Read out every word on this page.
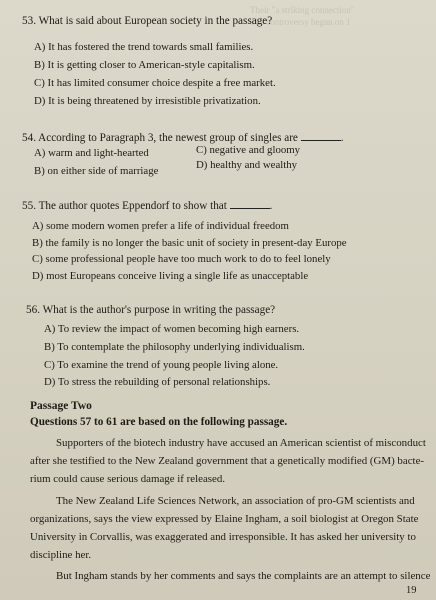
Their "a striking connection"
The controversy began on 1
53. What is said about European society in the passage?
A) It has fostered the trend towards small families.
B) It is getting closer to American-style capitalism.
C) It has limited consumer choice despite a free market.
D) It is being threatened by irresistible privatization.
54. According to Paragraph 3, the newest group of singles are	.
A) warm and light-hearted	C) negative and gloomy
B) on either side of marriage	D) healthy and wealthy
55. The author quotes Eppendorf to show that	.
A) some modern women prefer a life of individual freedom
B) the family is no longer the basic unit of society in present-day Europe
C) some professional people have too much work to do to feel lonely
D) most Europeans conceive living a single life as unacceptable
56. What is the author's purpose in writing the passage?
A) To review the impact of women becoming high earners.
B) To contemplate the philosophy underlying individualism.
C) To examine the trend of young people living alone.
D) To stress the rebuilding of personal relationships.
Passage Two
Questions 57 to 61 are based on the following passage.
Supporters of the biotech industry have accused an American scientist of misconduct
after she testified to the New Zealand government that a genetically modified (GM) bacte-
rium could cause serious damage if released.
The New Zealand Life Sciences Network, an association of pro-GM scientists and
organizations, says the view expressed by Elaine Ingham, a soil biologist at Oregon State
University in Corvallis, was exaggerated and irresponsible. It has asked her university to
discipline her.
But Ingham stands by her comments and says the complaints are an attempt to silence
19
